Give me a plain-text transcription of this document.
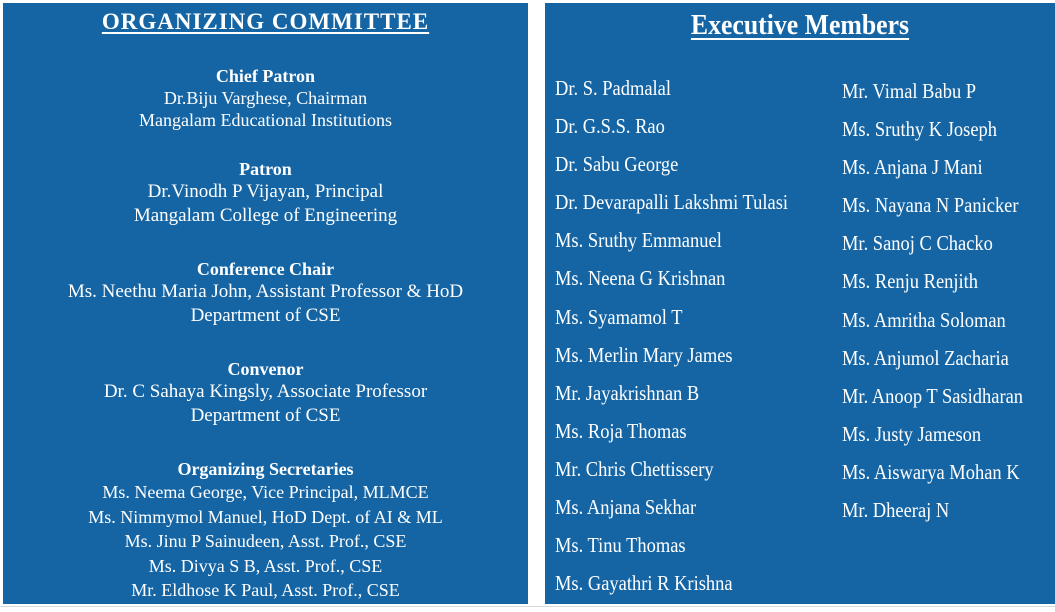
ORGANIZING COMMITTEE
Chief Patron
Dr.Biju Varghese, Chairman
Mangalam Educational Institutions
Patron
Dr.Vinodh P Vijayan, Principal
Mangalam College of Engineering
Conference Chair
Ms. Neethu Maria John, Assistant Professor & HoD
Department of CSE
Convenor
Dr. C Sahaya Kingsly, Associate Professor
Department of CSE
Organizing Secretaries
Ms. Neema George, Vice Principal, MLMCE
Ms. Nimmymol Manuel, HoD Dept. of AI & ML
Ms. Jinu P Sainudeen, Asst. Prof., CSE
Ms. Divya S B, Asst. Prof., CSE
Mr. Eldhose K Paul, Asst. Prof., CSE
Executive Members
Dr. S. Padmalal
Dr. G.S.S. Rao
Dr. Sabu George
Dr. Devarapalli Lakshmi Tulasi
Ms. Sruthy Emmanuel
Ms. Neena G Krishnan
Ms. Syamamol T
Ms. Merlin Mary James
Mr. Jayakrishnan B
Ms. Roja Thomas
Mr. Chris Chettissery
Ms. Anjana Sekhar
Ms. Tinu Thomas
Ms. Gayathri R Krishna
Mr. Vimal Babu P
Ms. Sruthy K Joseph
Ms. Anjana J Mani
Ms. Nayana N Panicker
Mr. Sanoj C Chacko
Ms. Renju Renjith
Ms. Amritha Soloman
Ms. Anjumol Zacharia
Mr. Anoop T Sasidharan
Ms. Justy Jameson
Ms. Aiswarya Mohan K
Mr. Dheeraj N
